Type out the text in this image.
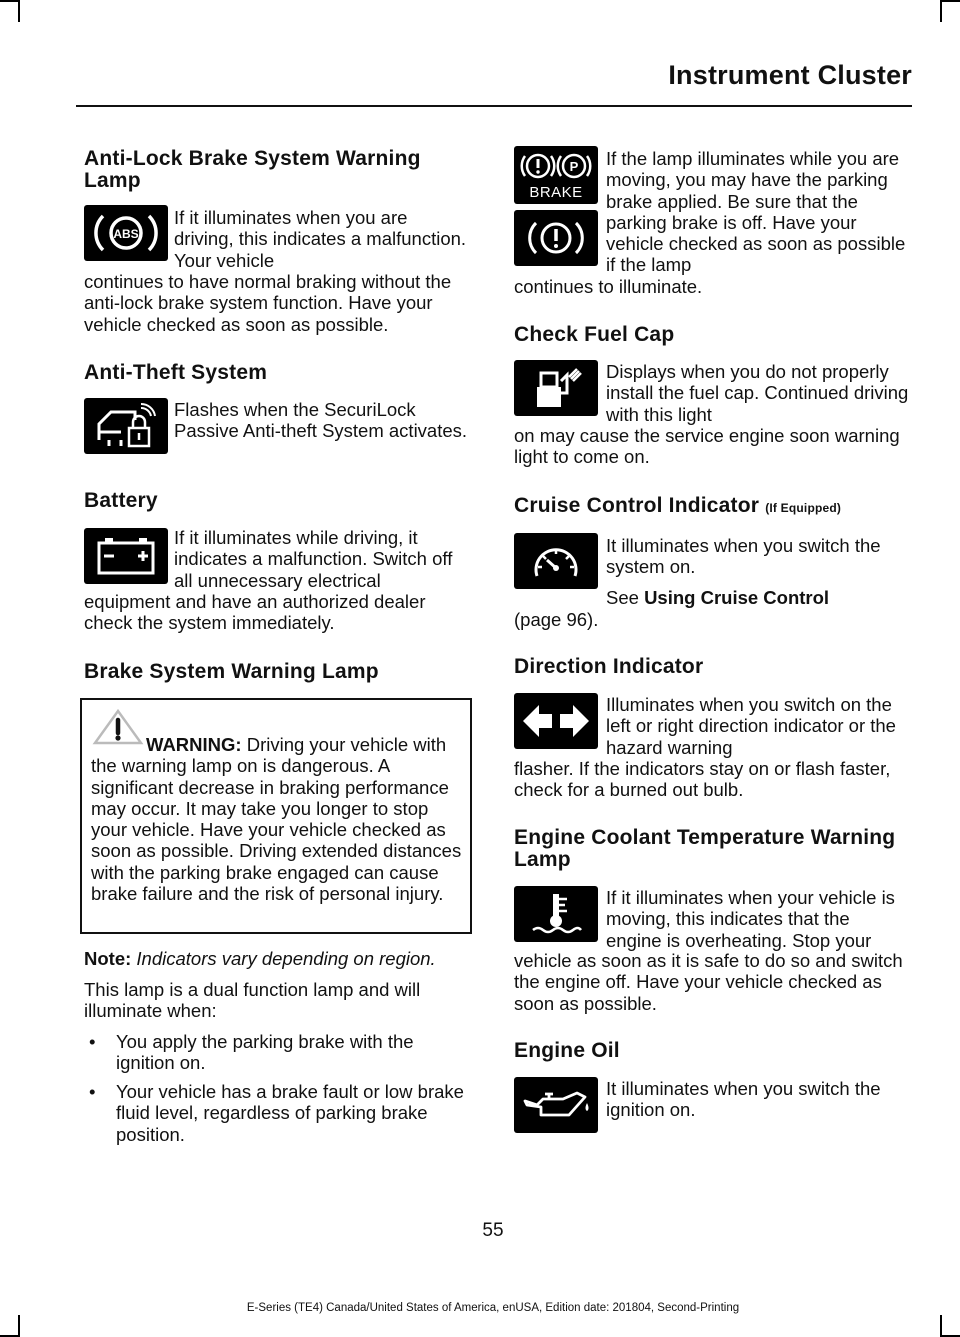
Instrument Cluster
Anti-Lock Brake System Warning Lamp
ABS
If it illuminates when you are driving, this indicates a malfunction. Your vehicle
continues to have normal braking without the anti-lock brake system function. Have your vehicle checked as soon as possible.
Anti-Theft System
Flashes when the SecuriLock Passive Anti-theft System activates.
Battery
If it illuminates while driving, it indicates a malfunction. Switch off all unnecessary electrical
equipment and have an authorized dealer check the system immediately.
Brake System Warning Lamp
WARNING: Driving your vehicle with the warning lamp on is dangerous. A significant decrease in braking performance may occur. It may take you longer to stop your vehicle. Have your vehicle checked as soon as possible. Driving extended distances with the parking brake engaged can cause brake failure and the risk of personal injury.
Note: Indicators vary depending on region.
This lamp is a dual function lamp and will illuminate when:
• You apply the parking brake with the ignition on.
• Your vehicle has a brake fault or low brake fluid level, regardless of parking brake position.
P
BRAKE
If the lamp illuminates while you are moving, you may have the parking brake applied. Be sure that the parking brake is off. Have your vehicle checked as soon as possible if the lamp
continues to illuminate.
Check Fuel Cap
Displays when you do not properly install the fuel cap. Continued driving with this light
on may cause the service engine soon warning light to come on.
Cruise Control Indicator (If Equipped)
It illuminates when you switch the system on.
See Using Cruise Control
(page 96).
Direction Indicator
Illuminates when you switch on the left or right direction indicator or the hazard warning
flasher. If the indicators stay on or flash faster, check for a burned out bulb.
Engine Coolant Temperature Warning Lamp
If it illuminates when your vehicle is moving, this indicates that the engine is overheating. Stop your
vehicle as soon as it is safe to do so and switch the engine off. Have your vehicle checked as soon as possible.
Engine Oil
It illuminates when you switch the ignition on.
55
E-Series (TE4) Canada/United States of America, enUSA, Edition date: 201804, Second-Printing
